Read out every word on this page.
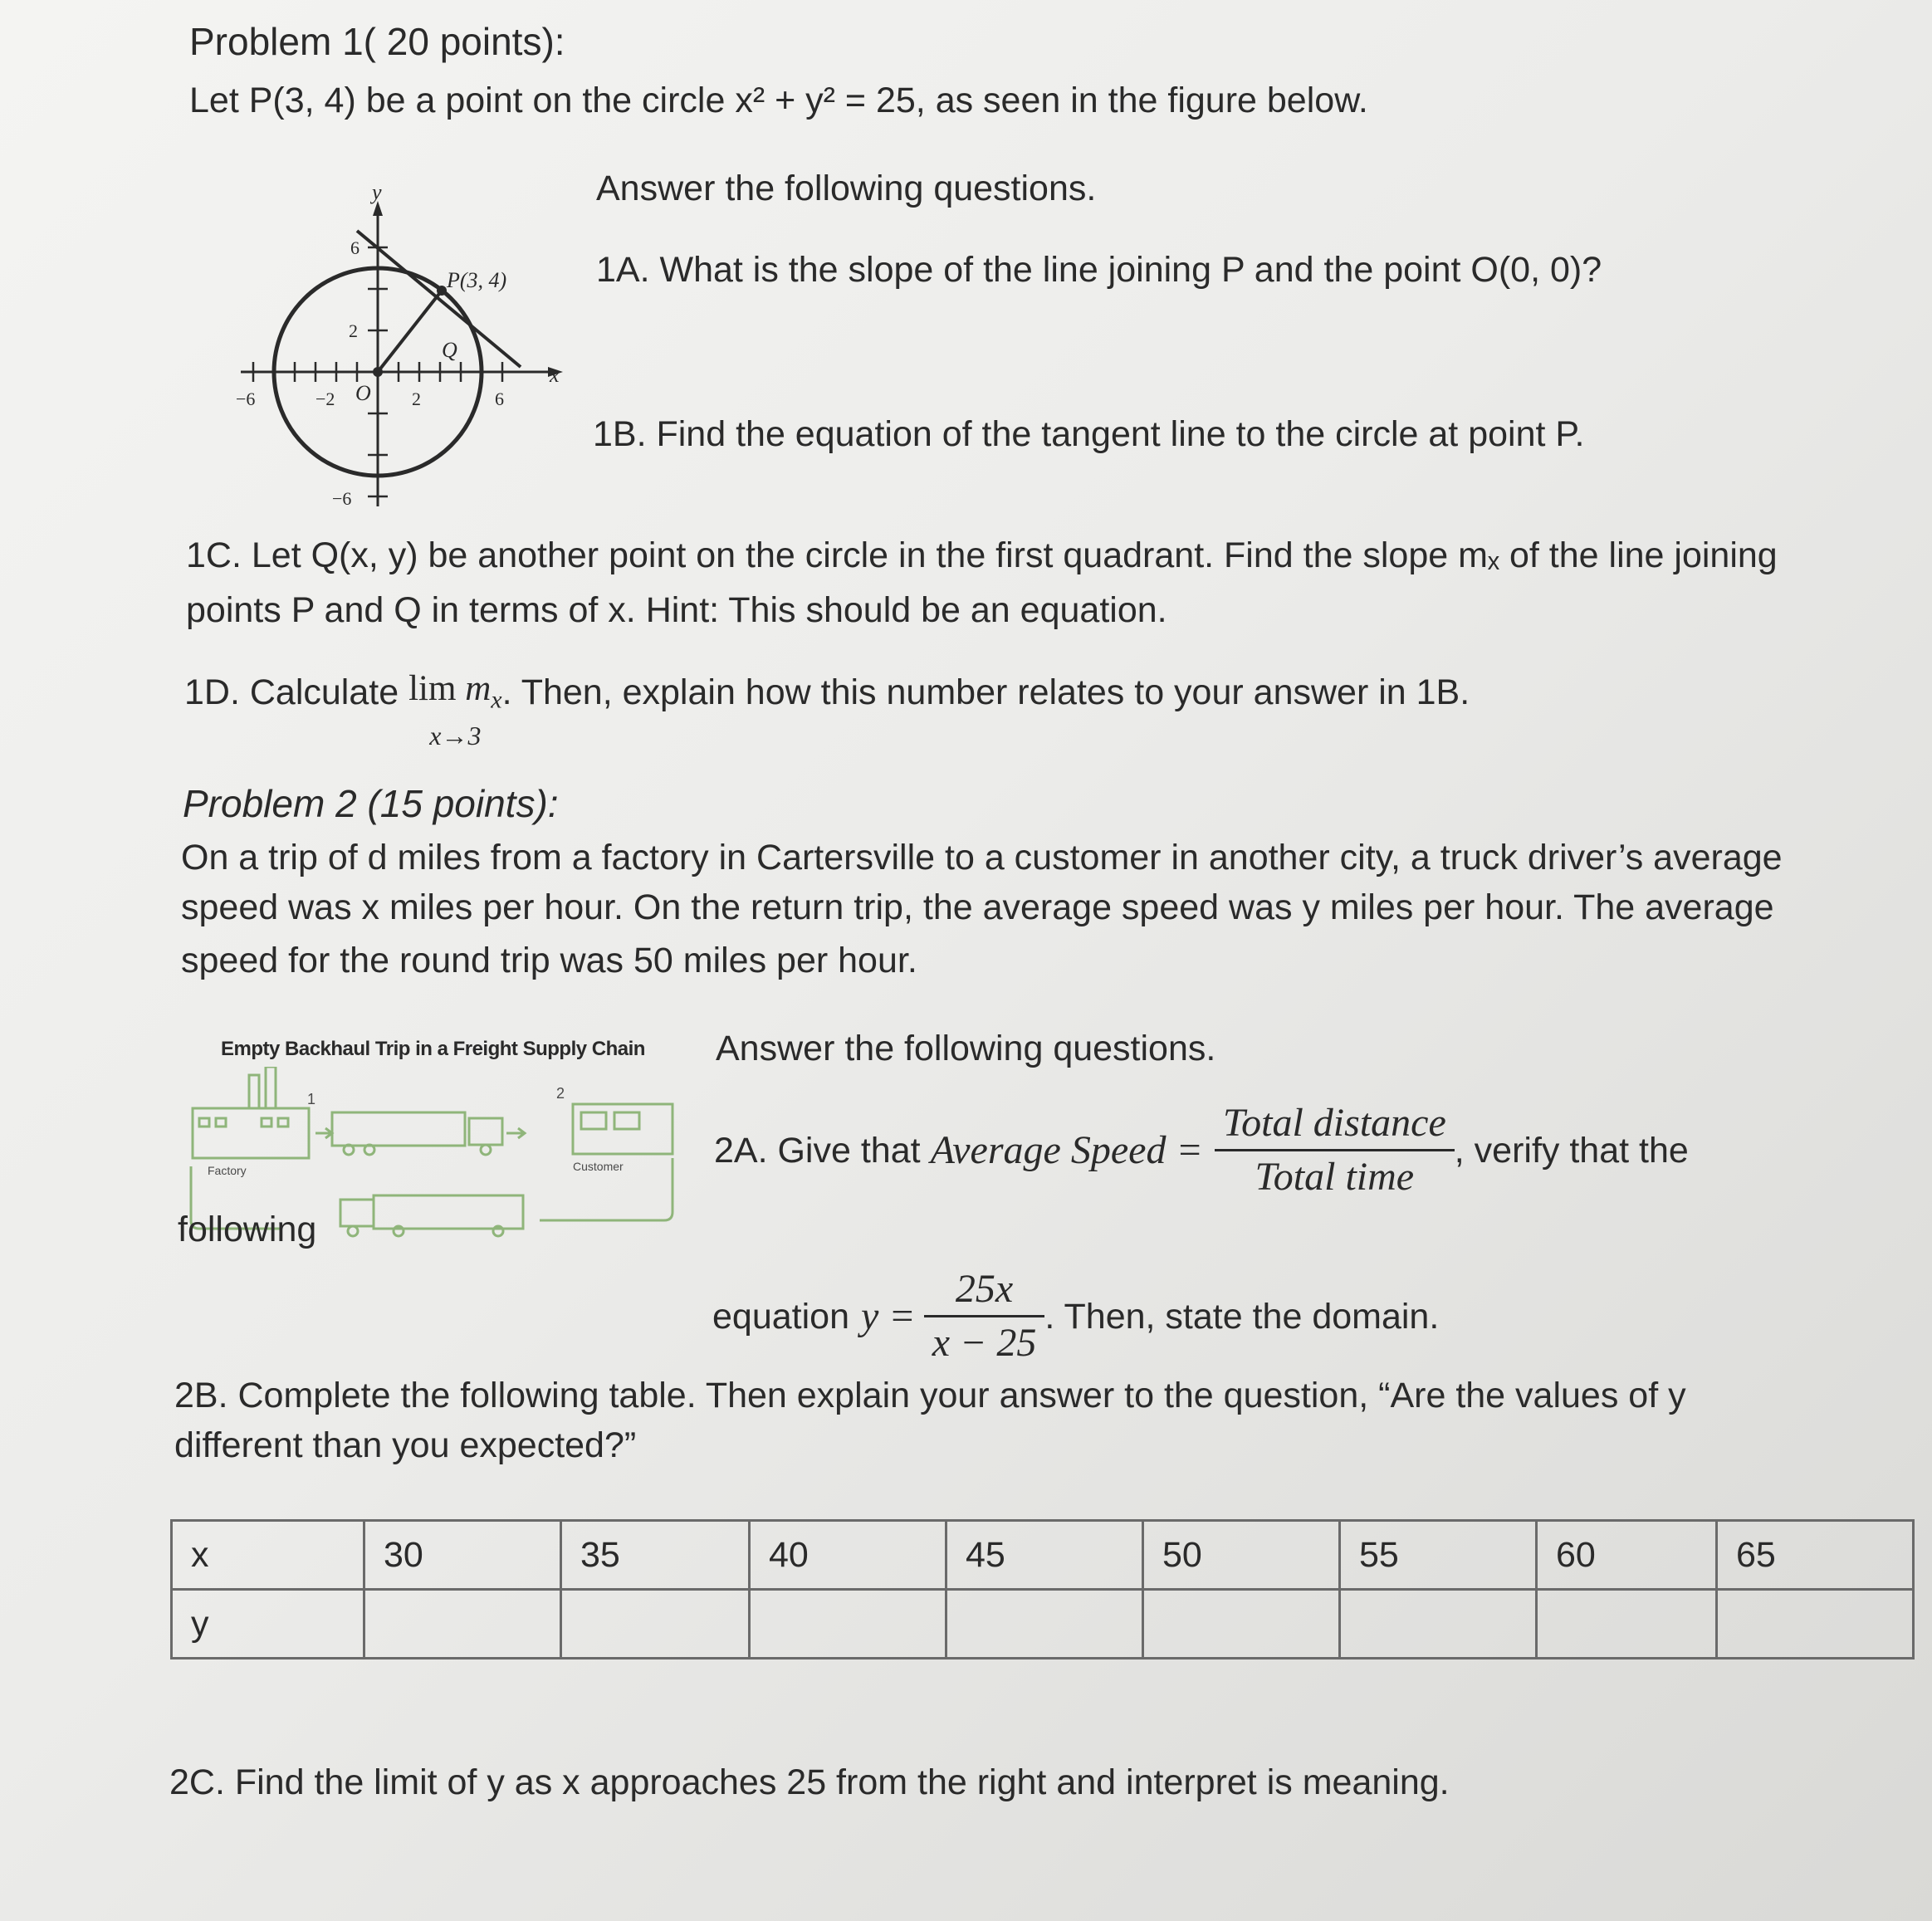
Problem 1( 20 points):
Let P(3, 4) be a point on the circle x² + y² = 25, as seen in the figure below.
y
x
P(3, 4)
Q
O
6
2
−6
−6	−2	2	6
Answer the following questions.
1A. What is the slope of the line joining P and the point O(0, 0)?
1B. Find the equation of the tangent line to the circle at point P.
1C. Let Q(x, y) be another point on the circle in the first quadrant. Find the slope mₓ of the line joining
points P and Q in terms of x. Hint: This should be an equation.
1D. Calculate $\lim m_x$
x→3
. Then, explain how this number relates to your answer in 1B.
Problem 2 (15 points):
On a trip of d miles from a factory in Cartersville to a customer in another city, a truck driver’s average
speed was x miles per hour. On the return trip, the average speed was y miles per hour. The average
speed for the round trip was 50 miles per hour.
Empty Backhaul Trip in a Freight Supply Chain
Factory	Customer
1	2
Answer the following questions.
2A. Give that Average Speed = $\frac{\text{Total distance}}{\text{Total time}}$ , verify that the
following
equation $y = \frac{25x}{x - 25}$ . Then, state the domain.
2B. Complete the following table. Then explain your answer to the question, “Are the values of y
different than you expected?”
x	30	35	40	45	50	55	60	65
y								
2C. Find the limit of y as x approaches 25 from the right and interpret is meaning.
